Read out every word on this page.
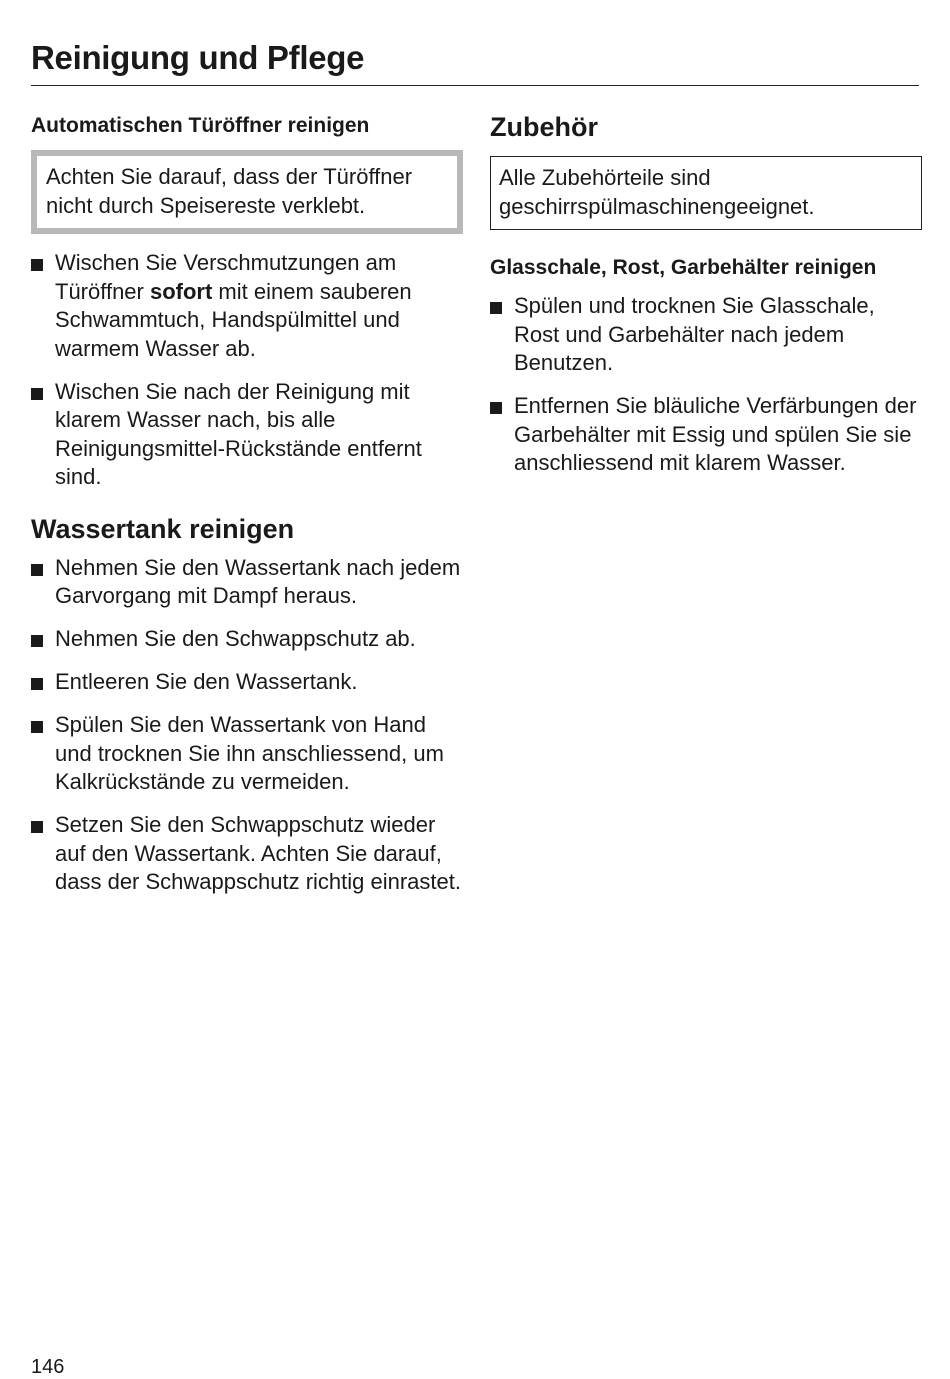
Reinigung und Pflege
Automatischen Türöffner reinigen
Achten Sie darauf, dass der Türöffner nicht durch Speisereste verklebt.
Wischen Sie Verschmutzungen am Türöffner sofort mit einem sauberen Schwammtuch, Handspülmittel und warmem Wasser ab.
Wischen Sie nach der Reinigung mit klarem Wasser nach, bis alle Reinigungsmittel-Rückstände entfernt sind.
Wassertank reinigen
Nehmen Sie den Wassertank nach jedem Garvorgang mit Dampf heraus.
Nehmen Sie den Schwappschutz ab.
Entleeren Sie den Wassertank.
Spülen Sie den Wassertank von Hand und trocknen Sie ihn anschliessend, um Kalkrückstände zu vermeiden.
Setzen Sie den Schwappschutz wieder auf den Wassertank. Achten Sie darauf, dass der Schwappschutz richtig einrastet.
Zubehör
Alle Zubehörteile sind geschirrspülmaschinengeeignet.
Glasschale, Rost, Garbehälter reinigen
Spülen und trocknen Sie Glasschale, Rost und Garbehälter nach jedem Benutzen.
Entfernen Sie bläuliche Verfärbungen der Garbehälter mit Essig und spülen Sie sie anschliessend mit klarem Wasser.
146
